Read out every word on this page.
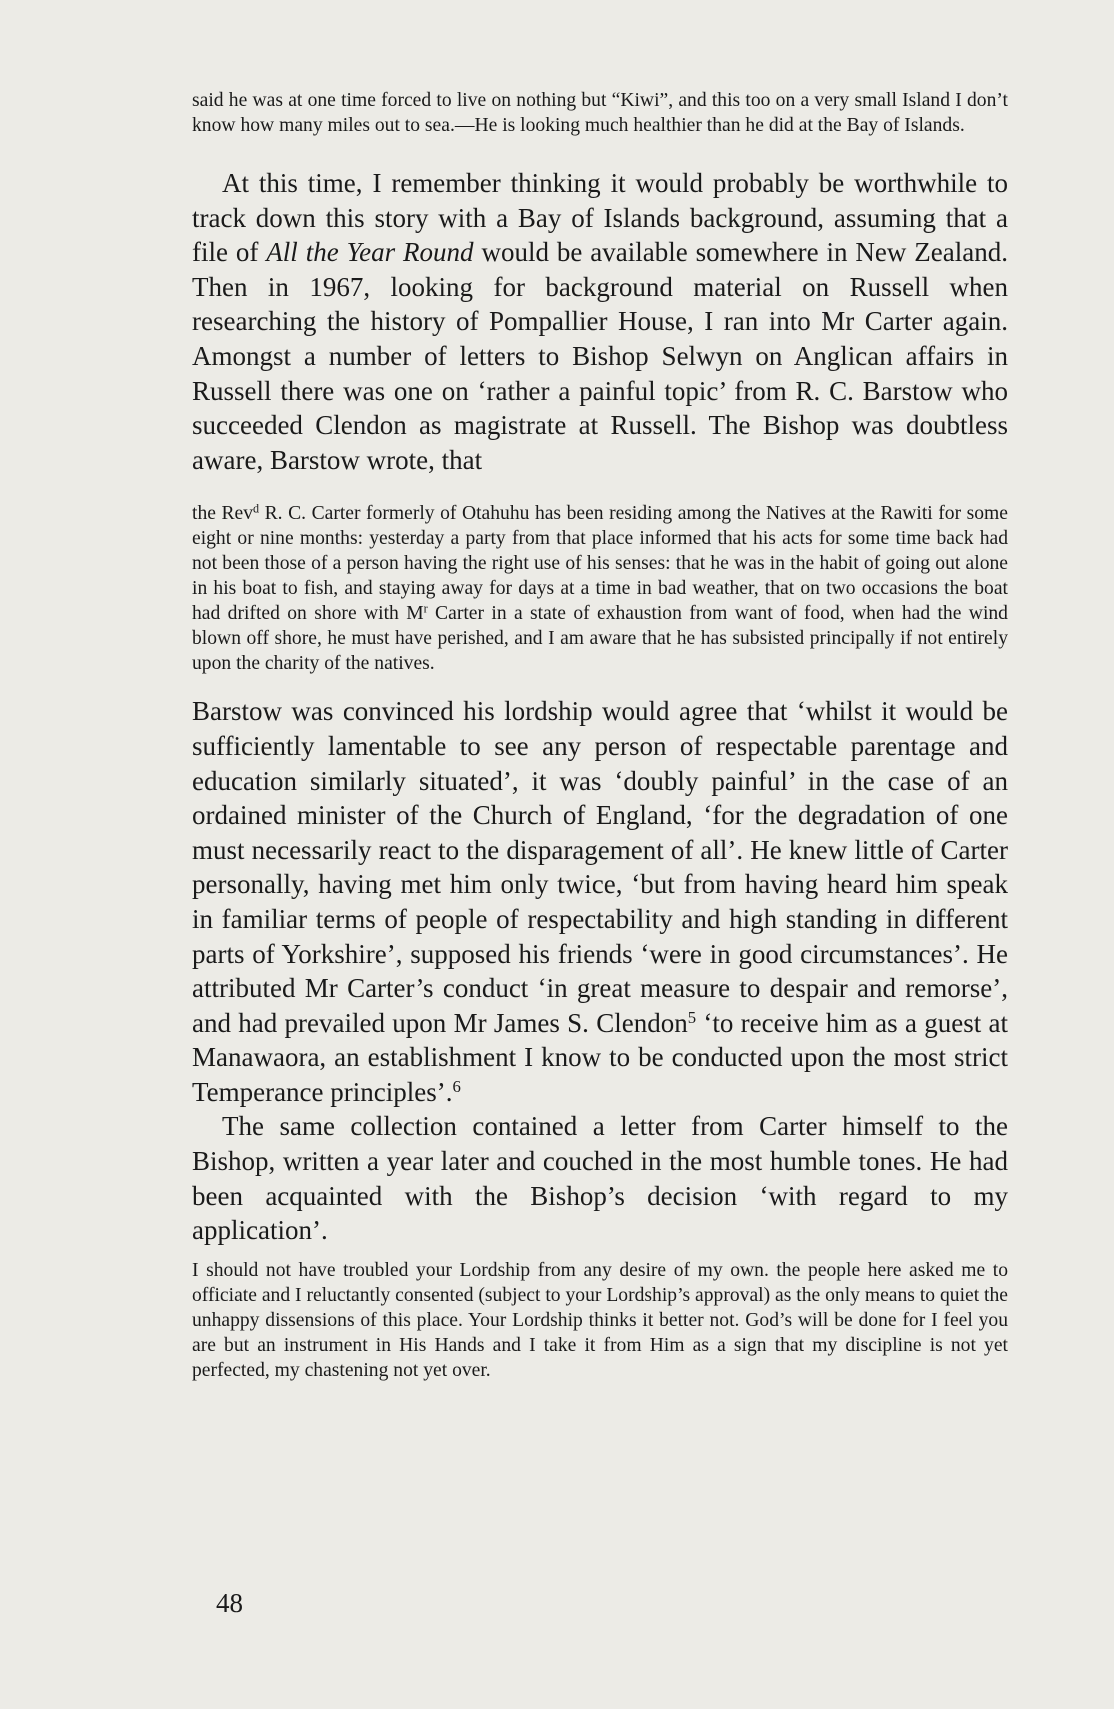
said he was at one time forced to live on nothing but “Kiwi”, and this too on a very small Island I don’t know how many miles out to sea.—He is looking much healthier than he did at the Bay of Islands.

At this time, I remember thinking it would probably be worthwhile to track down this story with a Bay of Islands background, assuming that a file of All the Year Round would be available somewhere in New Zealand. Then in 1967, looking for background material on Russell when researching the history of Pompallier House, I ran into Mr Carter again. Amongst a number of letters to Bishop Selwyn on Anglican affairs in Russell there was one on ‘rather a painful topic’ from R. C. Barstow who succeeded Clendon as magistrate at Russell. The Bishop was doubtless aware, Barstow wrote, that

the Rev$^d$ R. C. Carter formerly of Otahuhu has been residing among the Natives at the Rawiti for some eight or nine months: yesterday a party from that place informed that his acts for some time back had not been those of a person having the right use of his senses: that he was in the habit of going out alone in his boat to fish, and staying away for days at a time in bad weather, that on two occasions the boat had drifted on shore with $M^r$ Carter in a state of exhaustion from want of food, when had the wind blown off shore, he must have perished, and I am aware that he has subsisted principally if not entirely upon the charity of the natives.

Barstow was convinced his lordship would agree that ‘whilst it would be sufficiently lamentable to see any person of respectable parentage and education similarly situated’, it was ‘doubly painful’ in the case of an ordained minister of the Church of England, ‘for the degradation of one must necessarily react to the disparagement of all’. He knew little of Carter personally, having met him only twice, ‘but from having heard him speak in familiar terms of people of respectability and high standing in different parts of Yorkshire’, supposed his friends ‘were in good circumstances’. He attributed Mr Carter’s conduct ‘in great measure to despair and remorse’, and had prevailed upon Mr James S. Clendon$^5$ ‘to receive him as a guest at Manawaora, an establishment I know to be conducted upon the most strict Temperance principles’.$^6$

The same collection contained a letter from Carter himself to the Bishop, written a year later and couched in the most humble tones. He had been acquainted with the Bishop’s decision ‘with regard to my application’.

I should not have troubled your Lordship from any desire of my own. the people here asked me to officiate and I reluctantly consented (subject to your Lordship’s approval) as the only means to quiet the unhappy dissensions of this place. Your Lordship thinks it better not. God’s will be done for I feel you are but an instrument in His Hands and I take it from Him as a sign that my discipline is not yet perfected, my chastening not yet over.

48
